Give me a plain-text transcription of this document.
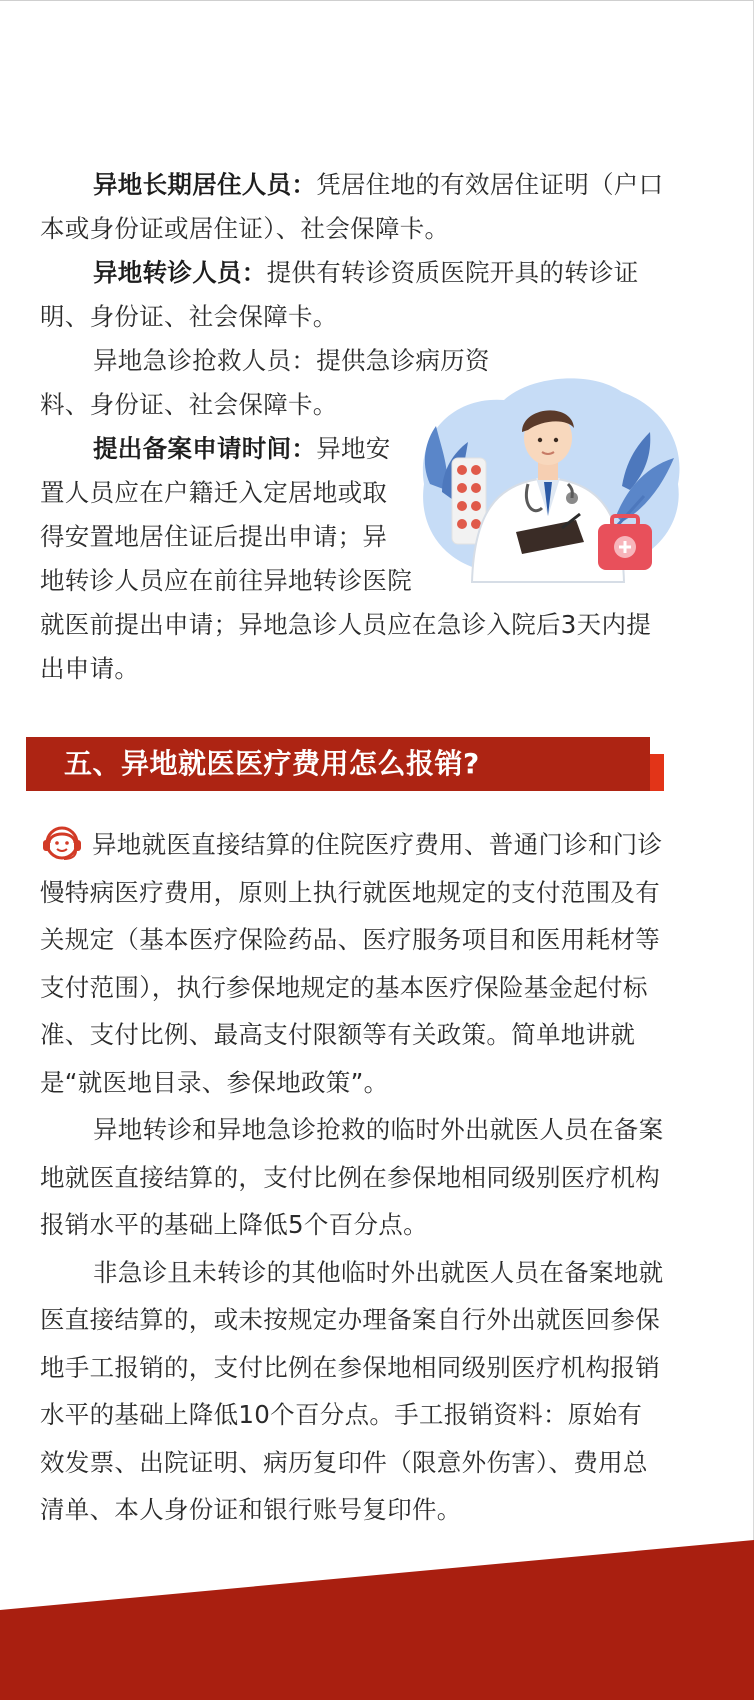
异地长期居住人员：凭居住地的有效居住证明（户口本或身份证或居住证）、社会保障卡。

异地转诊人员：提供有转诊资质医院开具的转诊证明、身份证、社会保障卡。

异地急诊抢救人员：提供急诊病历资
料、身份证、社会保障卡。

提出备案申请时间：异地安
置人员应在户籍迁入定居地或取
得安置地居住证后提出申请；异
地转诊人员应在前往异地转诊医院
就医前提出申请；异地急诊人员应在急诊入院后3天内提
出申请。

五、异地就医医疗费用怎么报销?

异地就医直接结算的住院医疗费用、普通门诊和门诊慢特病医疗费用，原则上执行就医地规定的支付范围及有关规定（基本医疗保险药品、医疗服务项目和医用耗材等支付范围），执行参保地规定的基本医疗保险基金起付标准、支付比例、最高支付限额等有关政策。简单地讲就是“就医地目录、参保地政策”。

异地转诊和异地急诊抢救的临时外出就医人员在备案地就医直接结算的，支付比例在参保地相同级别医疗机构报销水平的基础上降低5个百分点。

非急诊且未转诊的其他临时外出就医人员在备案地就医直接结算的，或未按规定办理备案自行外出就医回参保地手工报销的，支付比例在参保地相同级别医疗机构报销水平的基础上降低10个百分点。手工报销资料：原始有效发票、出院证明、病历复印件（限意外伤害）、费用总清单、本人身份证和银行账号复印件。
